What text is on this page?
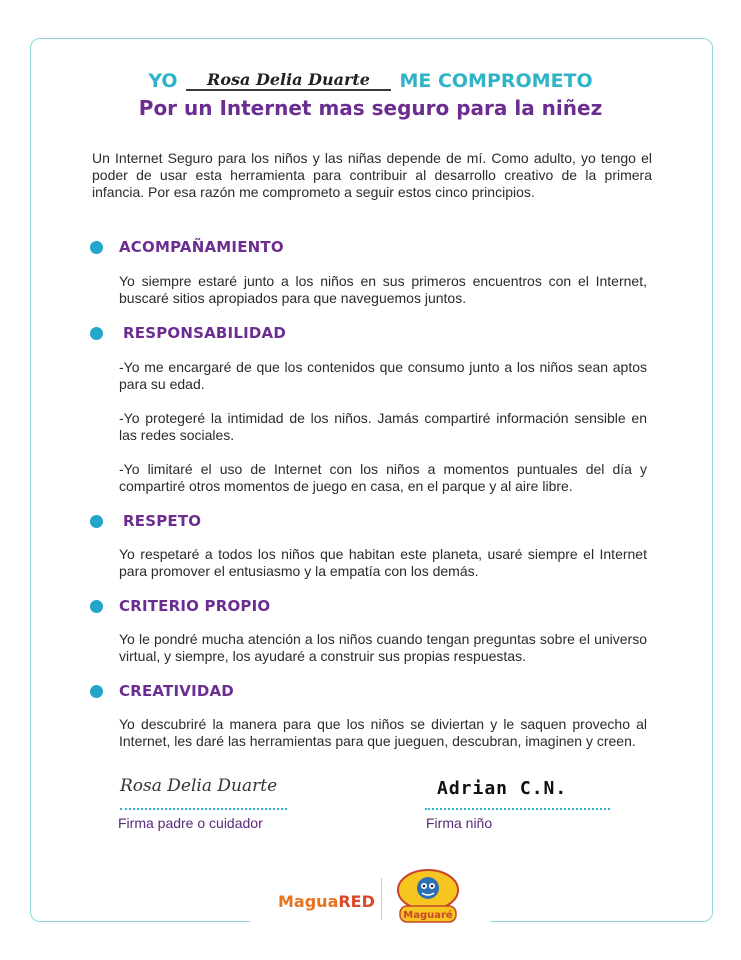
YO Rosa Delia Duarte ME COMPROMETO
Por un Internet mas seguro para la niñez
Un Internet Seguro para los niños y las niñas depende de mí. Como adulto, yo tengo el poder de usar esta herramienta para contribuir al desarrollo creativo de la primera infancia. Por esa razón me comprometo a seguir estos cinco principios.
ACOMPAÑAMIENTO

Yo siempre estaré junto a los niños en sus primeros encuentros con el Internet, buscaré sitios apropiados para que naveguemos juntos.

RESPONSABILIDAD

-Yo me encargaré de que los contenidos que consumo junto a los niños sean aptos para su edad.

-Yo protegeré la intimidad de los niños. Jamás compartiré información sensible en las redes sociales.

-Yo limitaré el uso de Internet con los niños a momentos puntuales del día y compartiré otros momentos de juego en casa, en el parque y al aire libre.

RESPETO

Yo respetaré a todos los niños que habitan este planeta, usaré siempre el Internet para promover el entusiasmo y la empatía con los demás.

CRITERIO PROPIO

Yo le pondré mucha atención a los niños cuando tengan preguntas sobre el universo virtual, y siempre, los ayudaré a construir sus propias respuestas.

CREATIVIDAD

Yo descubriré la manera para que los niños se diviertan y le saquen provecho al Internet, les daré las herramientas para que jueguen, descubran, imaginen y creen.

Rosa Delia Duarte
Firma padre o cuidador
Adrian C.N.
Firma niño
MaguaRED
Maguaré
